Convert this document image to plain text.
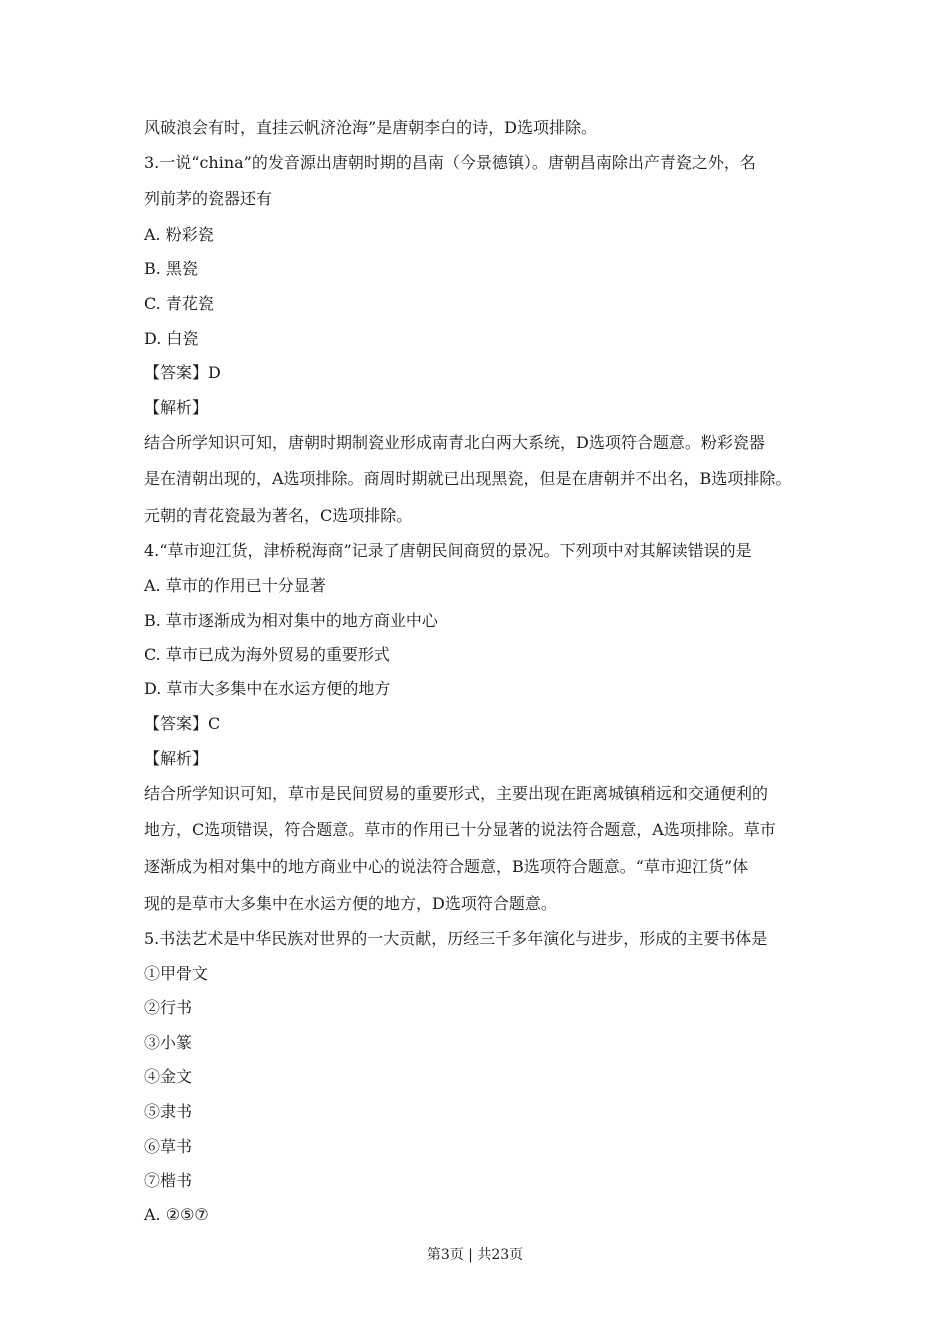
风破浪会有时，直挂云帆济沧海”是唐朝李白的诗，D选项排除。
3.一说“china”的发音源出唐朝时期的昌南（今景德镇）。唐朝昌南除出产青瓷之外，名
列前茅的瓷器还有
A. 粉彩瓷
B. 黑瓷
C. 青花瓷
D. 白瓷
【答案】D
【解析】
结合所学知识可知，唐朝时期制瓷业形成南青北白两大系统，D选项符合题意。粉彩瓷器
是在清朝出现的，A选项排除。商周时期就已出现黑瓷，但是在唐朝并不出名，B选项排除。
元朝的青花瓷最为著名，C选项排除。
4.“草市迎江货，津桥税海商”记录了唐朝民间商贸的景况。下列项中对其解读错误的是
A. 草市的作用已十分显著
B. 草市逐渐成为相对集中的地方商业中心
C. 草市已成为海外贸易的重要形式
D. 草市大多集中在水运方便的地方
【答案】C
【解析】
结合所学知识可知，草市是民间贸易的重要形式，主要出现在距离城镇稍远和交通便利的
地方，C选项错误，符合题意。草市的作用已十分显著的说法符合题意，A选项排除。草市
逐渐成为相对集中的地方商业中心的说法符合题意，B选项符合题意。“草市迎江货”体
现的是草市大多集中在水运方便的地方，D选项符合题意。
5.书法艺术是中华民族对世界的一大贡献，历经三千多年演化与进步，形成的主要书体是
①甲骨文
②行书
③小篆
④金文
⑤隶书
⑥草书
⑦楷书
A. ②⑤⑦
第3页 | 共23页
